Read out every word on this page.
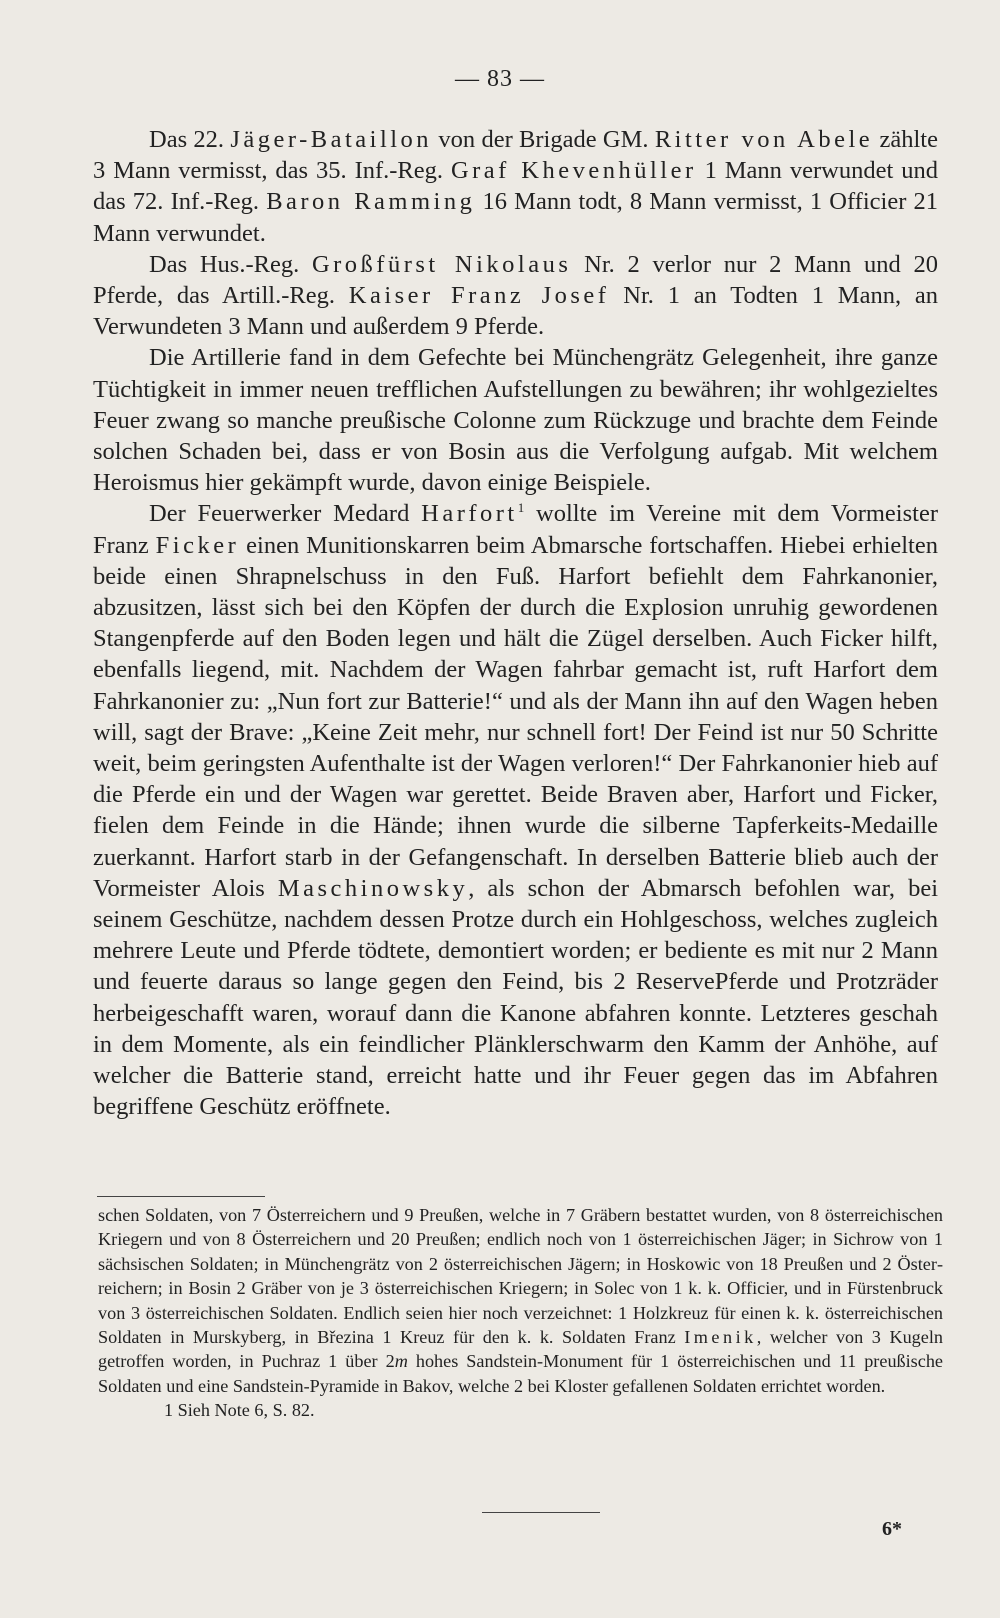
— 83 —

Das 22. Jäger-Bataillon von der Brigade GM. Ritter von Abele zählte 3 Mann vermisst, das 35. Inf.-Reg. Graf Khevenhüller 1 Mann verwundet und das 72. Inf.-Reg. Baron Ramming 16 Mann todt, 8 Mann vermisst, 1 Officier 21 Mann verwundet.

Das Hus.-Reg. Großfürst Nikolaus Nr. 2 verlor nur 2 Mann und 20 Pferde, das Artill.-Reg. Kaiser Franz Josef Nr. 1 an Todten 1 Mann, an Verwundeten 3 Mann und außerdem 9 Pferde.

Die Artillerie fand in dem Gefechte bei Münchengrätz Gelegenheit, ihre ganze Tüchtigkeit in immer neuen trefflichen Aufstellungen zu bewähren; ihr wohlgezieltes Feuer zwang so manche preußische Colonne zum Rückzuge und brachte dem Feinde solchen Schaden bei, dass er von Bosin aus die Verfolgung aufgab. Mit welchem Heroismus hier gekämpft wurde, davon einige Beispiele.

Der Feuerwerker Medard Harfort$^1$ wollte im Vereine mit dem Vormeister Franz Ficker einen Munitionskarren beim Abmarsche fortschaffen. Hiebei erhielten beide einen Shrapnelschuss in den Fuß. Harfort befiehlt dem Fahrkanonier, abzusitzen, lässt sich bei den Köpfen der durch die Explosion unruhig gewordenen Stangenpferde auf den Boden legen und hält die Zügel derselben. Auch Ficker hilft, ebenfalls liegend, mit. Nachdem der Wagen fahrbar gemacht ist, ruft Harfort dem Fahrkanonier zu: „Nun fort zur Batterie!“ und als der Mann ihn auf den Wagen heben will, sagt der Brave: „Keine Zeit mehr, nur schnell fort! Der Feind ist nur 50 Schritte weit, beim geringsten Aufenthalte ist der Wagen verloren!“ Der Fahrkanonier hieb auf die Pferde ein und der Wagen war gerettet. Beide Braven aber, Harfort und Ficker, fielen dem Feinde in die Hände; ihnen wurde die silberne Tapferkeits-Medaille zuerkannt. Harfort starb in der Gefangenschaft. In derselben Batterie blieb auch der Vormeister Alois Maschinowsky, als schon der Abmarsch befohlen war, bei seinem Geschütze, nachdem dessen Protze durch ein Hohlgeschoss, welches zugleich mehrere Leute und Pferde tödtete, demontiert worden; er bediente es mit nur 2 Mann und feuerte daraus so lange gegen den Feind, bis 2 ReservePferde und Protzräder herbeigeschafft waren, worauf dann die Kanone abfahren konnte. Letzteres geschah in dem Momente, als ein feindlicher Plänklerschwarm den Kamm der Anhöhe, auf welcher die Batterie stand, erreicht hatte und ihr Feuer gegen das im Abfahren begriffene Geschütz eröffnete.

schen Soldaten, von 7 Österreichern und 9 Preußen, welche in 7 Gräbern bestattet wurden, von 8 österreichischen Kriegern und von 8 Österreichern und 20 Preußen; endlich noch von 1 österreichischen Jäger; in Sichrow von 1 sächsischen Soldaten; in Münchengrätz von 2 österreichischen Jägern; in Hoskowic von 18 Preußen und 2 Österreichern; in Bosin 2 Gräber von je 3 österreichischen Kriegern; in Solec von 1 k. k. Officier, und in Fürstenbruck von 3 österreichischen Soldaten. Endlich seien hier noch verzeichnet: 1 Holzkreuz für einen k. k. österreichischen Soldaten in Murskyberg, in Březina 1 Kreuz für den k. k. Soldaten Franz Imenik, welcher von 3 Kugeln getroffen worden, in Puchraz 1 über 2m hohes Sandstein-Monument für 1 österreichischen und 11 preußische Soldaten und eine Sandstein-Pyramide in Bakov, welche 2 bei Kloster gefallenen Soldaten errichtet worden.

1 Sieh Note 6, S. 82.

6*
